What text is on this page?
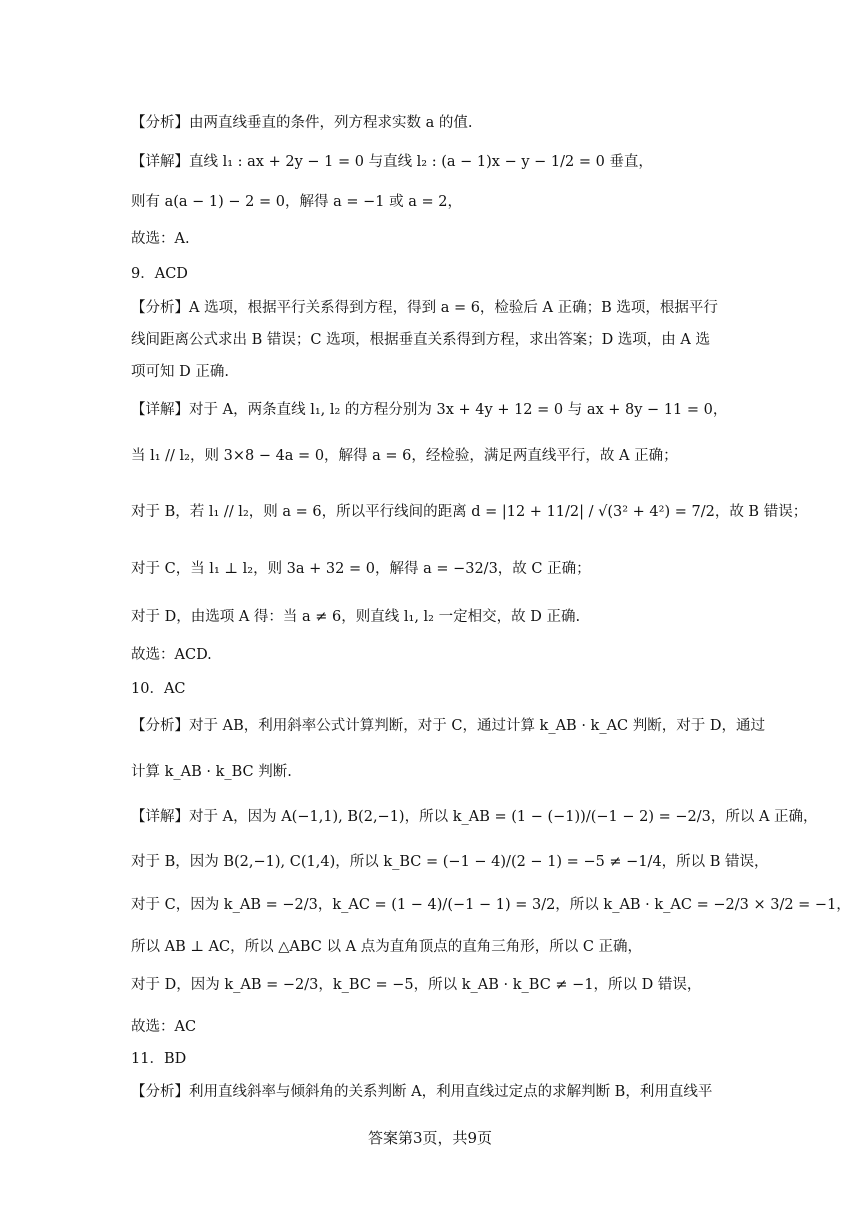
【分析】由两直线垂直的条件，列方程求实数 a 的值.
【详解】直线 l₁ : ax + 2y − 1 = 0 与直线 l₂ : (a − 1)x − y − 1/2 = 0 垂直，
则有 a(a − 1) − 2 = 0，解得 a = −1 或 a = 2，
故选：A.
9．ACD
【分析】A 选项，根据平行关系得到方程，得到 a = 6，检验后 A 正确；B 选项，根据平行
线间距离公式求出 B 错误；C 选项，根据垂直关系得到方程，求出答案；D 选项，由 A 选
项可知 D 正确.
【详解】对于 A，两条直线 l₁, l₂ 的方程分别为 3x + 4y + 12 = 0 与 ax + 8y − 11 = 0，
当 l₁ // l₂，则 3×8 − 4a = 0，解得 a = 6，经检验，满足两直线平行，故 A 正确；
对于 B，若 l₁ // l₂，则 a = 6，所以平行线间的距离 d = |12 + 11/2| / √(3² + 4²) = 7/2，故 B 错误；
对于 C，当 l₁ ⊥ l₂，则 3a + 32 = 0，解得 a = −32/3，故 C 正确；
对于 D，由选项 A 得：当 a ≠ 6，则直线 l₁, l₂ 一定相交，故 D 正确.
故选：ACD.
10．AC
【分析】对于 AB，利用斜率公式计算判断，对于 C，通过计算 k_AB · k_AC 判断，对于 D，通过
计算 k_AB · k_BC 判断.
【详解】对于 A，因为 A(−1,1), B(2,−1)，所以 k_AB = (1 − (−1))/(−1 − 2) = −2/3，所以 A 正确，
对于 B，因为 B(2,−1), C(1,4)，所以 k_BC = (−1 − 4)/(2 − 1) = −5 ≠ −1/4，所以 B 错误，
对于 C，因为 k_AB = −2/3，k_AC = (1 − 4)/(−1 − 1) = 3/2，所以 k_AB · k_AC = −2/3 × 3/2 = −1，
所以 AB ⊥ AC，所以 △ABC 以 A 点为直角顶点的直角三角形，所以 C 正确，
对于 D，因为 k_AB = −2/3，k_BC = −5，所以 k_AB · k_BC ≠ −1，所以 D 错误，
故选：AC
11．BD
【分析】利用直线斜率与倾斜角的关系判断 A，利用直线过定点的求解判断 B，利用直线平
答案第3页，共9页
